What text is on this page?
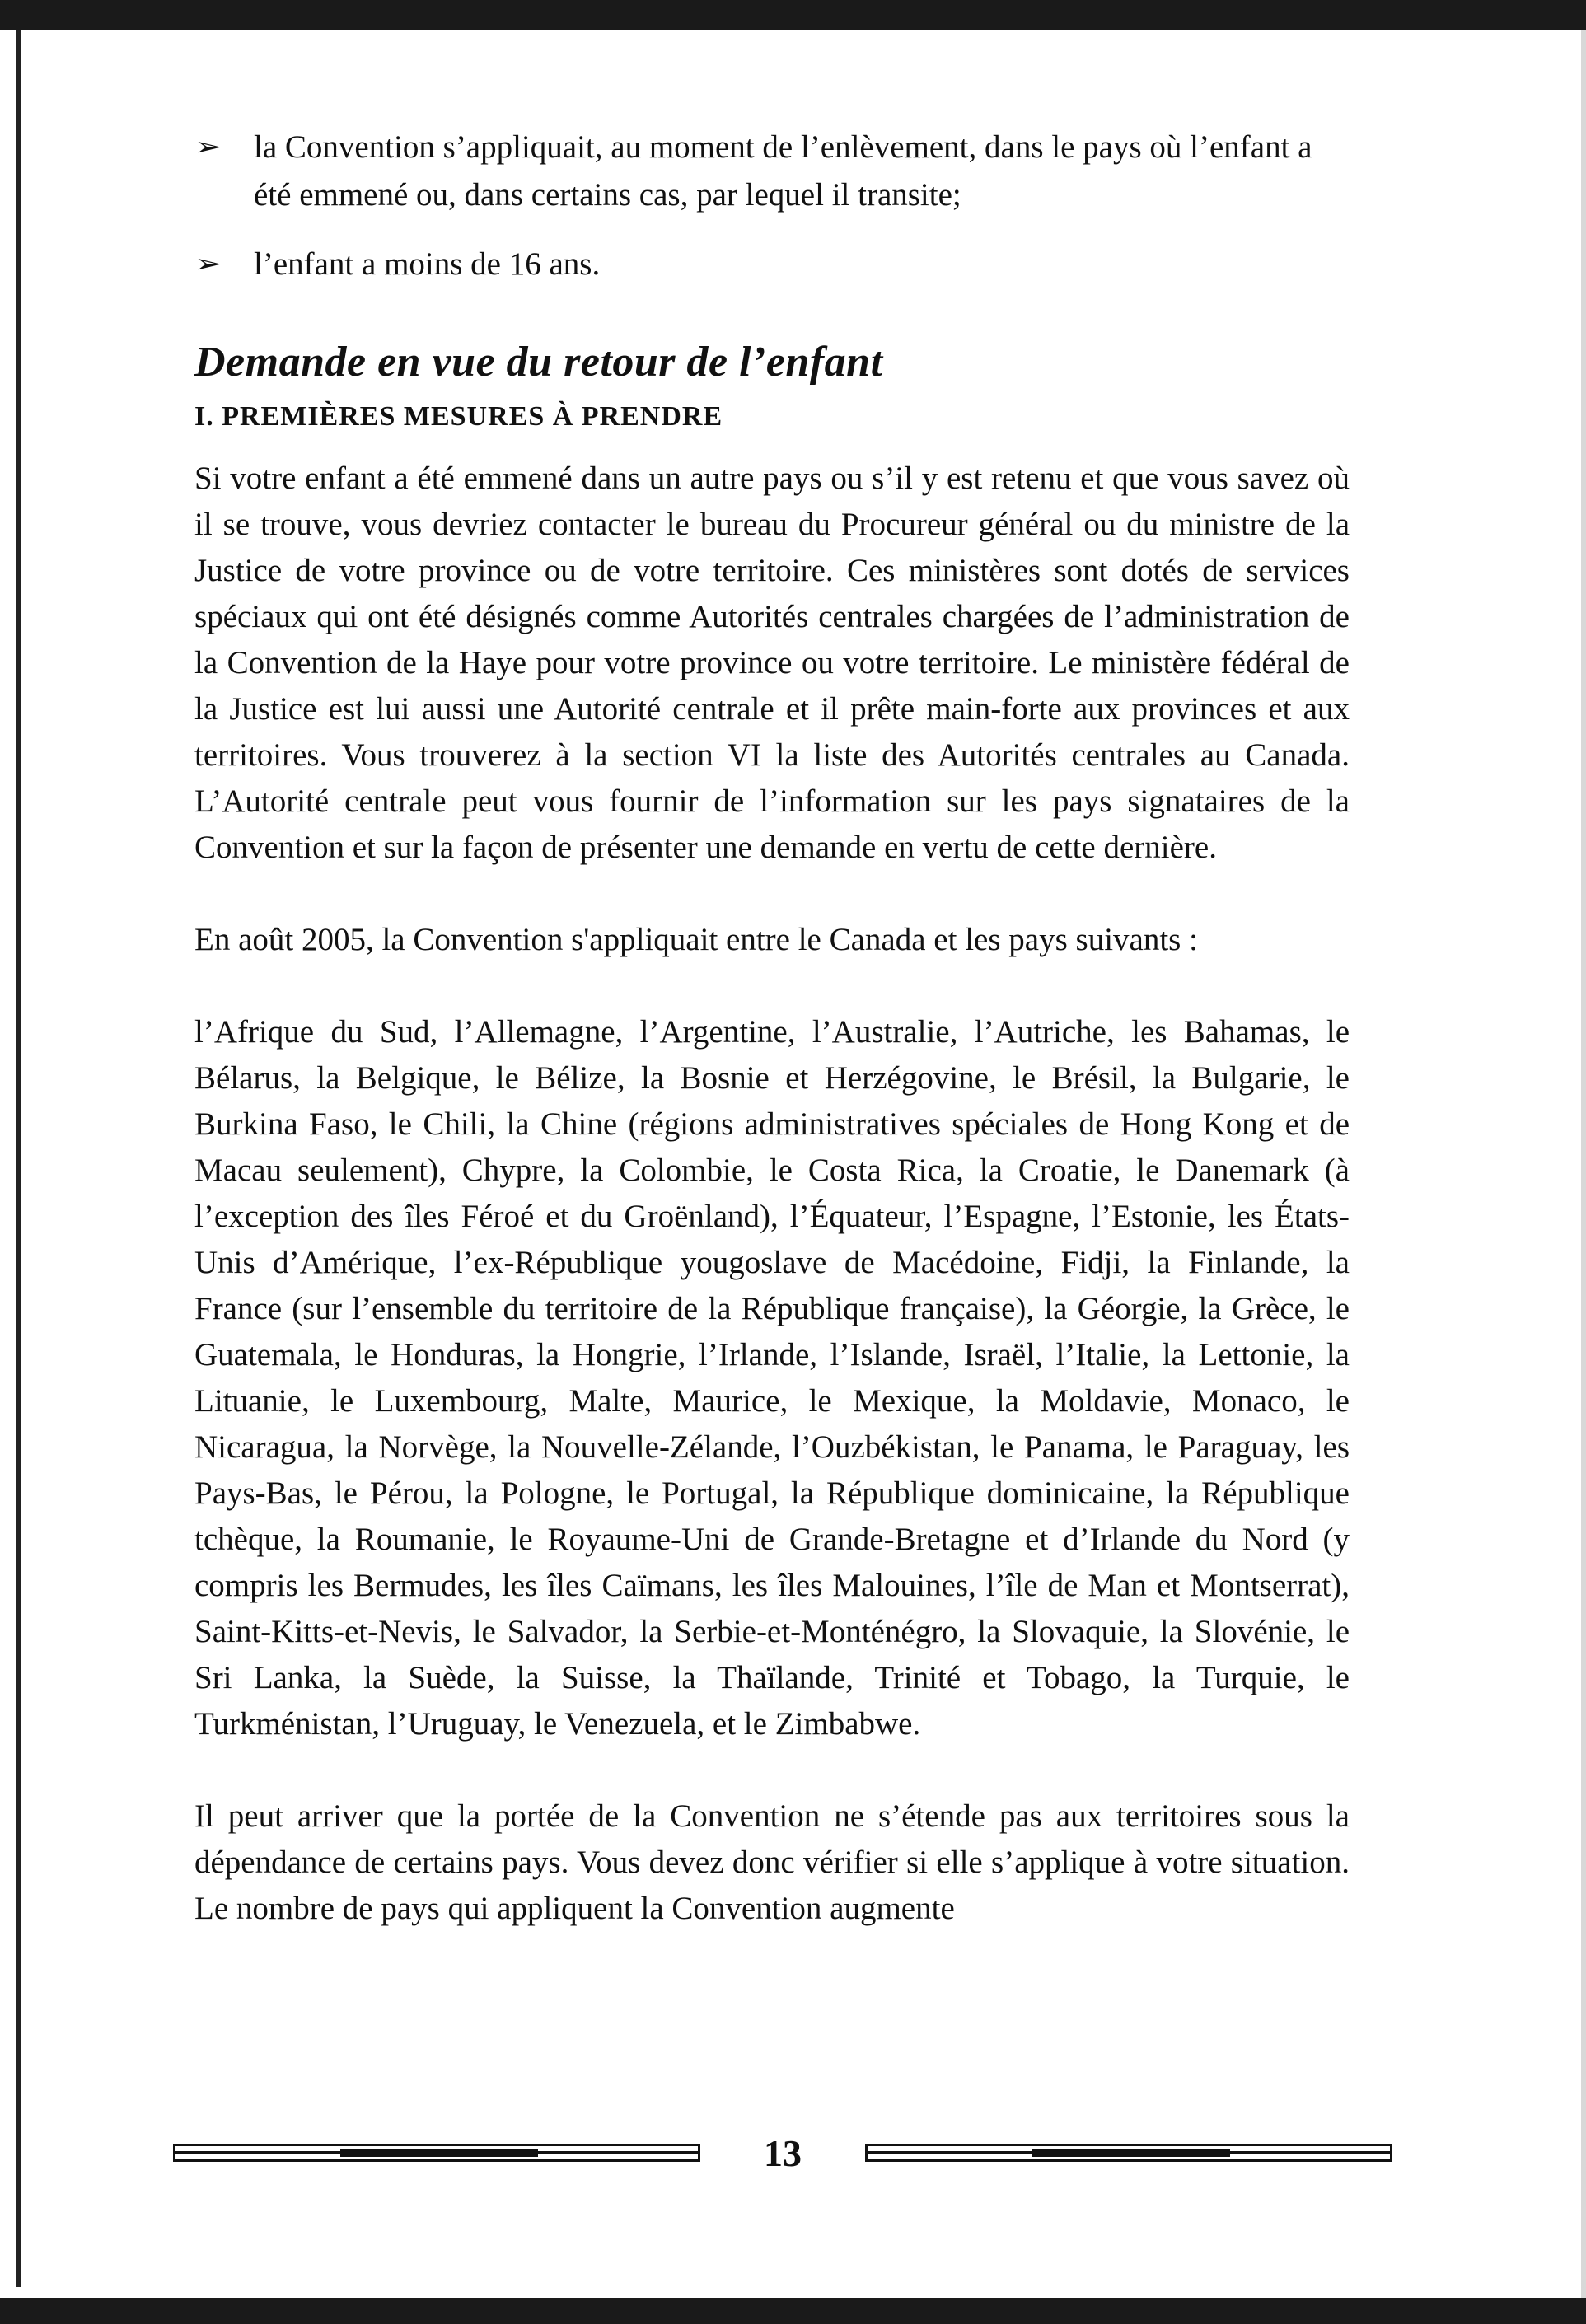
➢ la Convention s’appliquait, au moment de l’enlèvement, dans le pays où l’enfant a été emmené ou, dans certains cas, par lequel il transite;
➢ l’enfant a moins de 16 ans.
Demande en vue du retour de l’enfant
I. PREMIÈRES MESURES À PRENDRE

Si votre enfant a été emmené dans un autre pays ou s’il y est retenu et que vous savez où il se trouve, vous devriez contacter le bureau du Procureur général ou du ministre de la Justice de votre province ou de votre territoire. Ces ministères sont dotés de services spéciaux qui ont été désignés comme Autorités centrales chargées de l’administration de la Convention de la Haye pour votre province ou votre territoire. Le ministère fédéral de la Justice est lui aussi une Autorité centrale et il prête main-forte aux provinces et aux territoires. Vous trouverez à la section VI la liste des Autorités centrales au Canada. L’Autorité centrale peut vous fournir de l’information sur les pays signataires de la Convention et sur la façon de présenter une demande en vertu de cette dernière.

En août 2005, la Convention s'appliquait entre le Canada et les pays suivants :

l’Afrique du Sud, l’Allemagne, l’Argentine, l’Australie, l’Autriche, les Bahamas, le Bélarus, la Belgique, le Bélize, la Bosnie et Herzégovine, le Brésil, la Bulgarie, le Burkina Faso, le Chili, la Chine (régions administratives spéciales de Hong Kong et de Macau seulement), Chypre, la Colombie, le Costa Rica, la Croatie, le Danemark (à l’exception des îles Féroé et du Groënland), l’Équateur, l’Espagne, l’Estonie, les États-Unis d’Amérique, l’ex-République yougoslave de Macédoine, Fidji, la Finlande, la France (sur l’ensemble du territoire de la République française), la Géorgie, la Grèce, le Guatemala, le Honduras, la Hongrie, l’Irlande, l’Islande, Israël, l’Italie, la Lettonie, la Lituanie, le Luxembourg, Malte, Maurice, le Mexique, la Moldavie, Monaco, le Nicaragua, la Norvège, la Nouvelle-Zélande, l’Ouzbékistan, le Panama, le Paraguay, les Pays-Bas, le Pérou, la Pologne, le Portugal, la République dominicaine, la République tchèque, la Roumanie, le Royaume-Uni de Grande-Bretagne et d’Irlande du Nord (y compris les Bermudes, les îles Caïmans, les îles Malouines, l’île de Man et Montserrat), Saint-Kitts-et-Nevis, le Salvador, la Serbie-et-Monténégro, la Slovaquie, la Slovénie, le Sri Lanka, la Suède, la Suisse, la Thaïlande, Trinité et Tobago, la Turquie, le Turkménistan, l’Uruguay, le Venezuela, et le Zimbabwe.

Il peut arriver que la portée de la Convention ne s’étende pas aux territoires sous la dépendance de certains pays. Vous devez donc vérifier si elle s’applique à votre situation. Le nombre de pays qui appliquent la Convention augmente

13
